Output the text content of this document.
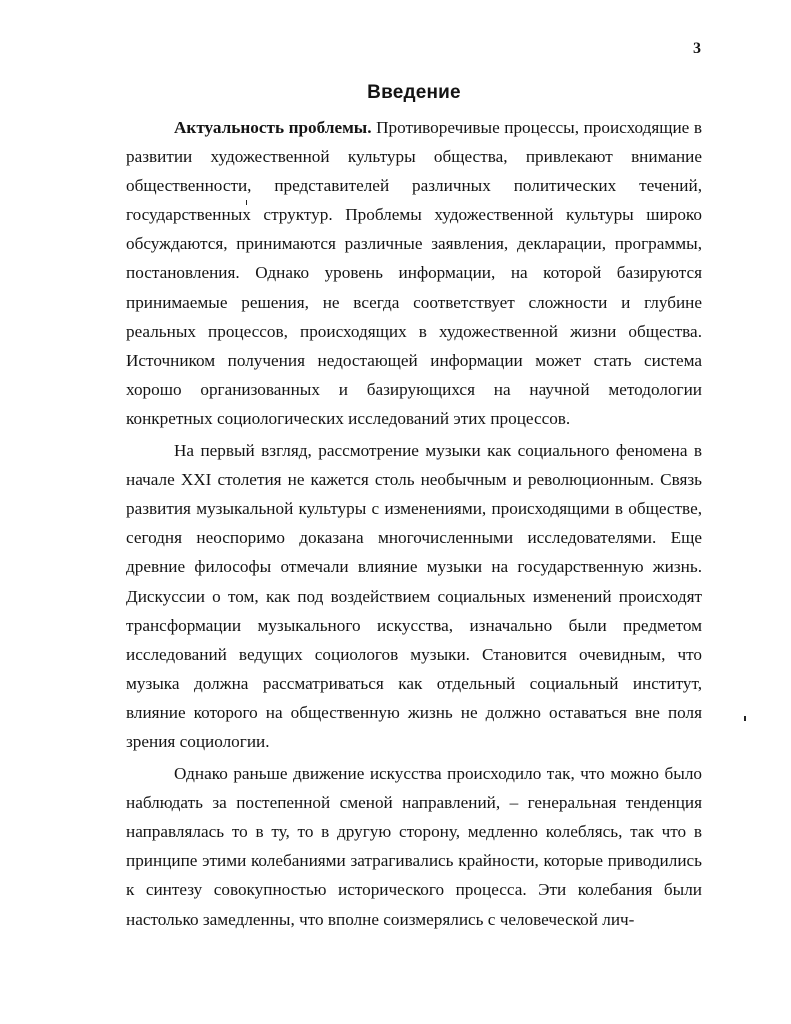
3
Введение

Актуальность проблемы. Противоречивые процессы, происходящие в развитии художественной культуры общества, привлекают внимание общественности, представителей различных политических течений, государственных структур. Проблемы художественной культуры широко обсуждаются, принимаются различные заявления, декларации, программы, постановления. Однако уровень информации, на которой базируются принимаемые решения, не всегда соответствует сложности и глубине реальных процессов, происходящих в художественной жизни общества. Источником получения недостающей информации может стать система хорошо организованных и базирующихся на научной методологии конкретных социологических исследований этих процессов.

На первый взгляд, рассмотрение музыки как социального феномена в начале XXI столетия не кажется столь необычным и революционным. Связь развития музыкальной культуры с изменениями, происходящими в обществе, сегодня неоспоримо доказана многочисленными исследователями. Еще древние философы отмечали влияние музыки на государственную жизнь. Дискуссии о том, как под воздействием социальных изменений происходят трансформации музыкального искусства, изначально были предметом исследований ведущих социологов музыки. Становится очевидным, что музыка должна рассматриваться как отдельный социальный институт, влияние которого на общественную жизнь не должно оставаться вне поля зрения социологии.

Однако раньше движение искусства происходило так, что можно было наблюдать за постепенной сменой направлений, – генеральная тенденция направлялась то в ту, то в другую сторону, медленно колеблясь, так что в принципе этими колебаниями затрагивались крайности, которые приводились к синтезу совокупностью исторического процесса. Эти колебания были настолько замедленны, что вполне соизмерялись с человеческой лич-
